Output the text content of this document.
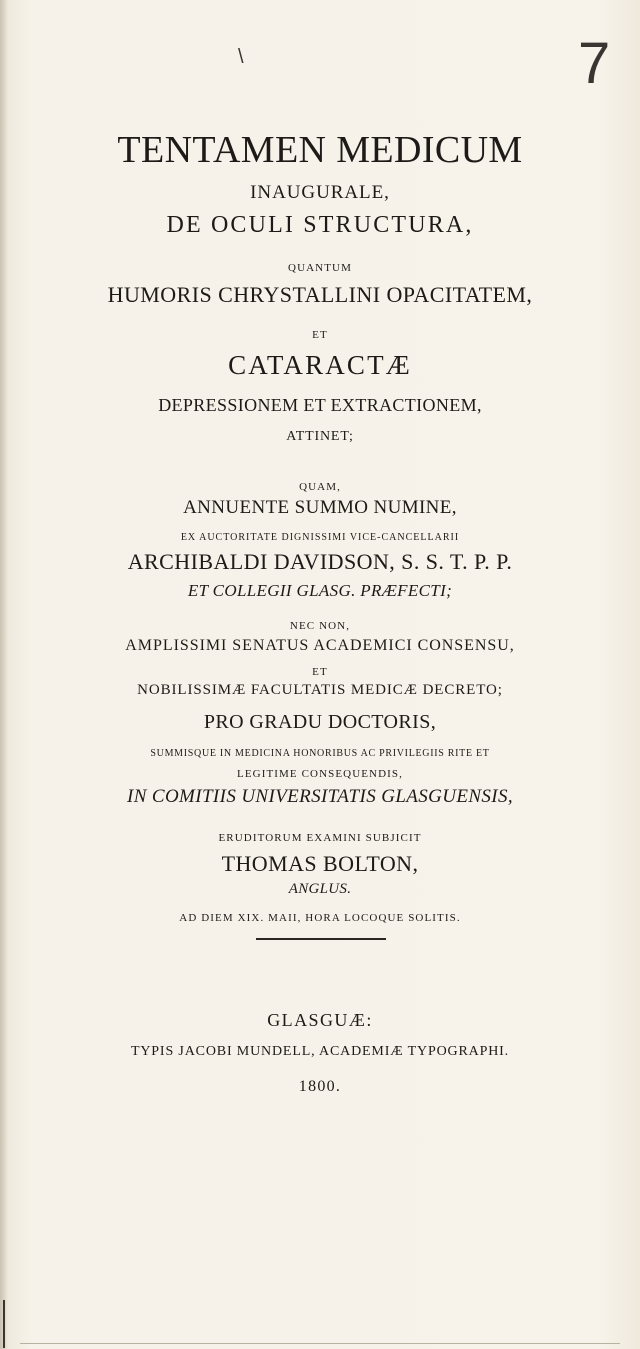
\	7
TENTAMEN MEDICUM
INAUGURALE,
DE OCULI STRUCTURA,
QUANTUM
HUMORIS CHRYSTALLINI OPACITATEM,
ET
CATARACTÆ
DEPRESSIONEM ET EXTRACTIONEM,
ATTINET;
QUAM,
ANNUENTE SUMMO NUMINE,
EX AUCTORITATE DIGNISSIMI VICE-CANCELLARII
ARCHIBALDI DAVIDSON, S. S. T. P. P.
ET COLLEGII GLASG. PRÆFECTI;
NEC NON,
AMPLISSIMI SENATUS ACADEMICI CONSENSU,
ET
NOBILISSIMÆ FACULTATIS MEDICÆ DECRETO;
PRO GRADU DOCTORIS,
SUMMISQUE IN MEDICINA HONORIBUS AC PRIVILEGIIS RITE ET
LEGITIME CONSEQUENDIS,
IN COMITIIS UNIVERSITATIS GLASGUENSIS,
ERUDITORUM EXAMINI SUBJICIT
THOMAS BOLTON,
ANGLUS.
AD DIEM XIX. MAII, HORA LOCOQUE SOLITIS.
GLASGUÆ:
TYPIS JACOBI MUNDELL, ACADEMIÆ TYPOGRAPHI.
1800.
